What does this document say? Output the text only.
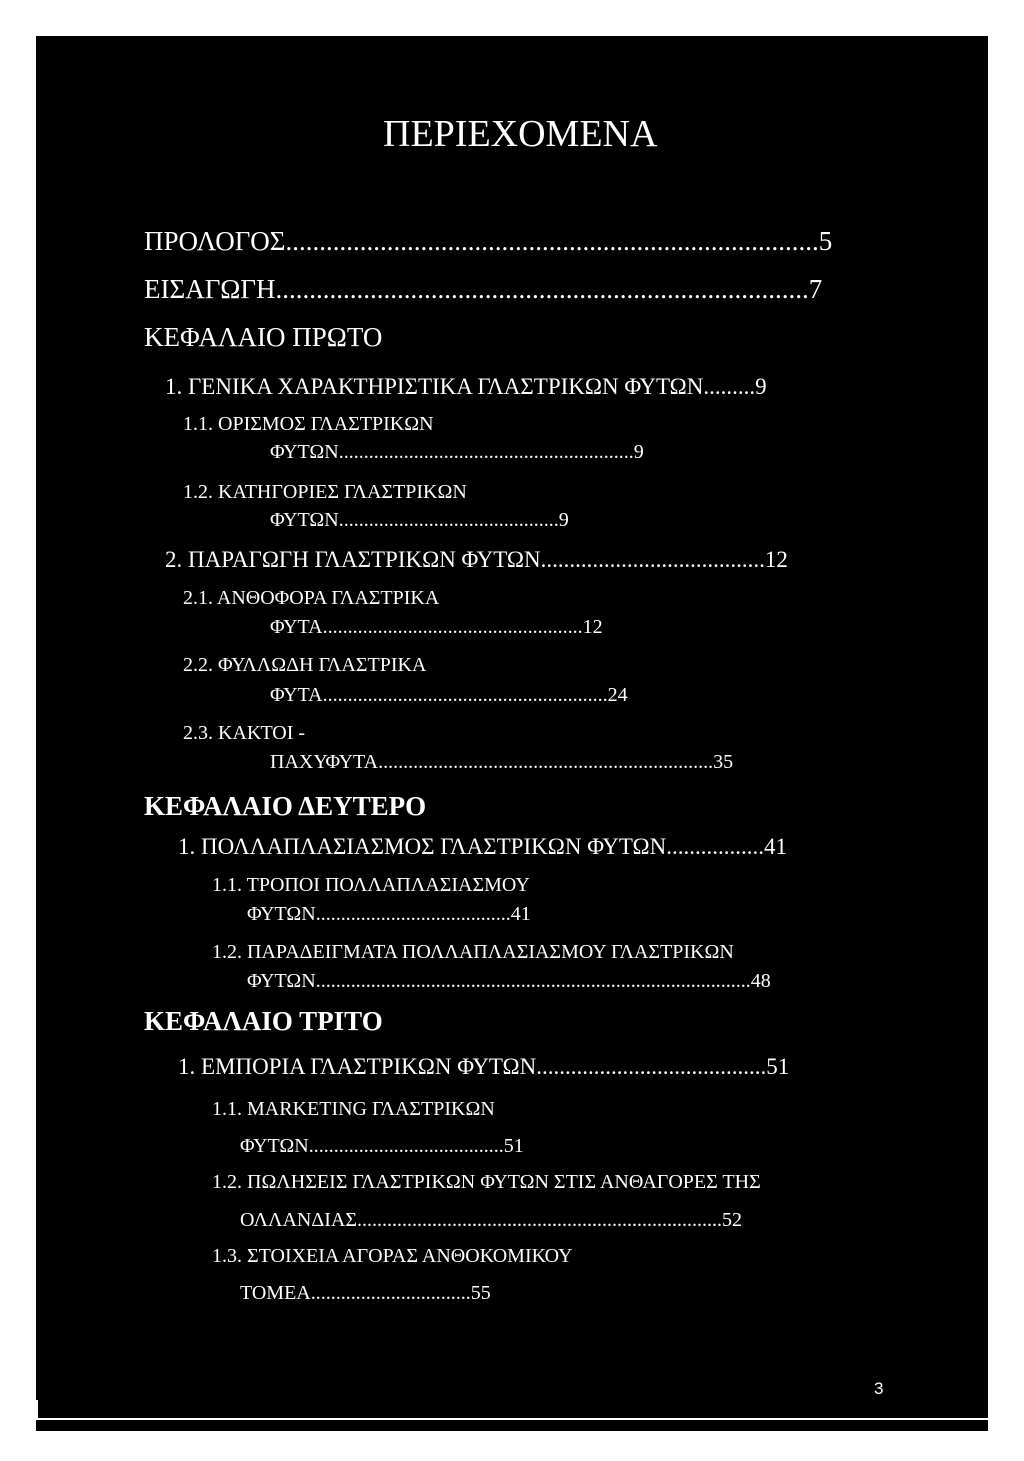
ΠΕΡΙΕΧΟΜΕΝΑ
ΠΡΟΛΟΓΟΣ...............................................................................5
ΕΙΣΑΓΩΓΗ...............................................................................7
ΚΕΦΑΛΑΙΟ ΠΡΩΤΟ
1. ΓΕΝΙΚΑ ΧΑΡΑΚΤΗΡΙΣΤΙΚΑ ΓΛΑΣΤΡΙΚΩΝ ΦΥΤΩΝ.........9
1.1. ΟΡΙΣΜΟΣ ΓΛΑΣΤΡΙΚΩΝ
ΦΥΤΩΝ...........................................................9
1.2. ΚΑΤΗΓΟΡΙΕΣ ΓΛΑΣΤΡΙΚΩΝ
ΦΥΤΩΝ............................................9
2. ΠΑΡΑΓΩΓΗ ΓΛΑΣΤΡΙΚΩΝ ΦΥΤΩΝ.......................................12
2.1. ΑΝΘΟΦΟΡΑ ΓΛΑΣΤΡΙΚΑ
ΦΥΤΑ....................................................12
2.2. ΦΥΛΛΩΔΗ ΓΛΑΣΤΡΙΚΑ
ΦΥΤΑ.........................................................24
2.3. ΚΑΚΤΟΙ -
ΠΑΧΥΦΥΤΑ...................................................................35
ΚΕΦΑΛΑΙΟ ΔΕΥΤΕΡΟ
1. ΠΟΛΛΑΠΛΑΣΙΑΣΜΟΣ ΓΛΑΣΤΡΙΚΩΝ ΦΥΤΩΝ.................41
1.1. ΤΡΟΠΟΙ ΠΟΛΛΑΠΛΑΣΙΑΣΜΟΥ
ΦΥΤΩΝ.......................................41
1.2. ΠΑΡΑΔΕΙΓΜΑΤΑ ΠΟΛΛΑΠΛΑΣΙΑΣΜΟΥ ΓΛΑΣΤΡΙΚΩΝ
ΦΥΤΩΝ.......................................................................................48
ΚΕΦΑΛΑΙΟ ΤΡΙΤΟ
1. ΕΜΠΟΡΙΑ ΓΛΑΣΤΡΙΚΩΝ ΦΥΤΩΝ........................................51
1.1. MARKETING ΓΛΑΣΤΡΙΚΩΝ
ΦΥΤΩΝ.......................................51
1.2. ΠΩΛΗΣΕΙΣ ΓΛΑΣΤΡΙΚΩΝ ΦΥΤΩΝ ΣΤΙΣ ΑΝΘΑΓΟΡΕΣ ΤΗΣ
ΟΛΛΑΝΔΙΑΣ.........................................................................52
1.3. ΣΤΟΙΧΕΙΑ ΑΓΟΡΑΣ ΑΝΘΟΚΟΜΙΚΟΥ
ΤΟΜΕΑ................................55
3
